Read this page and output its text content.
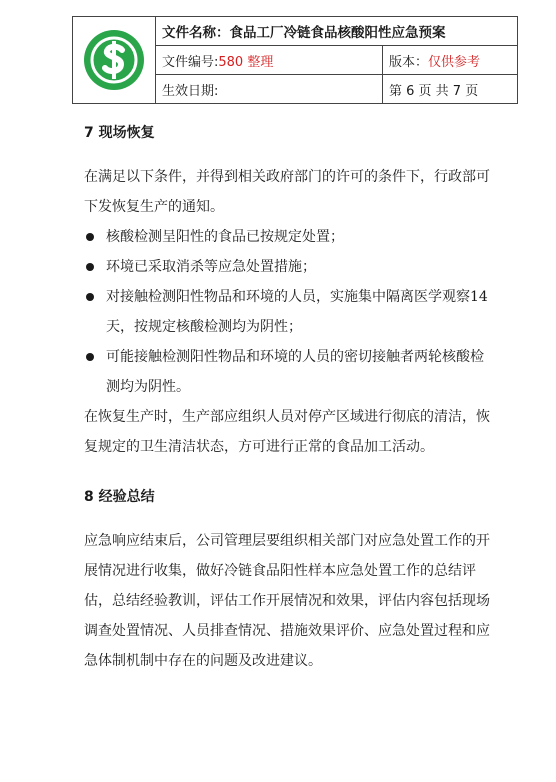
	文件名称：食品工厂冷链食品核酸阳性应急预案	
	文件编号:580 整理	版本：仅供参考
	生效日期:	第 6 页 共 7 页

7 现场恢复

在满足以下条件，并得到相关政府部门的许可的条件下，行政部可下发恢复生产的通知。

核酸检测呈阳性的食品已按规定处置；
环境已采取消杀等应急处置措施；
对接触检测阳性物品和环境的人员，实施集中隔离医学观察14天，按规定核酸检测均为阴性；
可能接触检测阳性物品和环境的人员的密切接触者两轮核酸检测均为阴性。

在恢复生产时，生产部应组织人员对停产区域进行彻底的清洁，恢复规定的卫生清洁状态，方可进行正常的食品加工活动。

8 经验总结

应急响应结束后，公司管理层要组织相关部门对应急处置工作的开展情况进行收集，做好冷链食品阳性样本应急处置工作的总结评估，总结经验教训，评估工作开展情况和效果，评估内容包括现场调查处置情况、人员排查情况、措施效果评价、应急处置过程和应急体制机制中存在的问题及改进建议。
